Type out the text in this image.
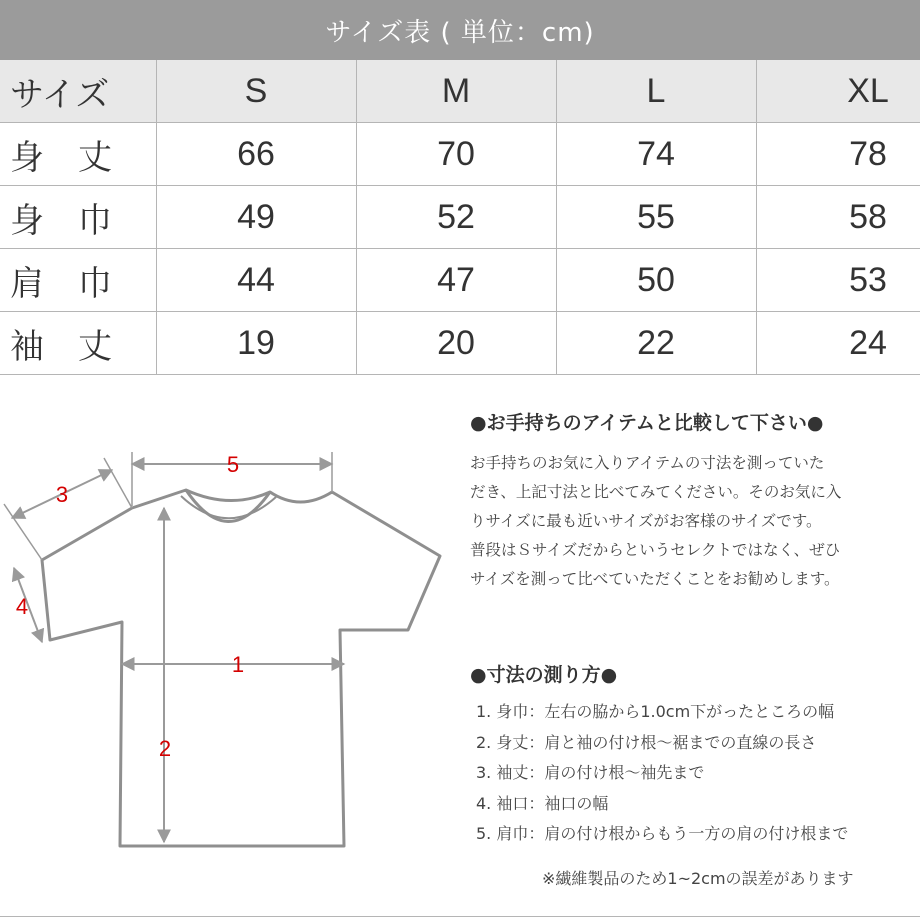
サイズ表 ( 単位：cm)
サイズ	S	M	L	XL

身 丈	66	70	74	78

身 巾	49	52	55	58

肩 巾	44	47	50	53

袖 丈	19	20	22	24
5
1
2
3
4

●お手持ちのアイテムと比較して下さい●

お手持ちのお気に入りアイテムの寸法を測っていた
だき、上記寸法と比べてみてください。そのお気に入
りサイズに最も近いサイズがお客様のサイズです。
普段はＳサイズだからというセレクトではなく、ぜひ
サイズを測って比べていただくことをお勧めします。

●寸法の測り方●

1. 身巾：左右の脇から1.0cm下がったところの幅
2. 身丈：肩と袖の付け根～裾までの直線の長さ
3. 袖丈：肩の付け根～袖先まで
4. 袖口：袖口の幅
5. 肩巾：肩の付け根からもう一方の肩の付け根まで
※繊維製品のため1~2cmの誤差があります
